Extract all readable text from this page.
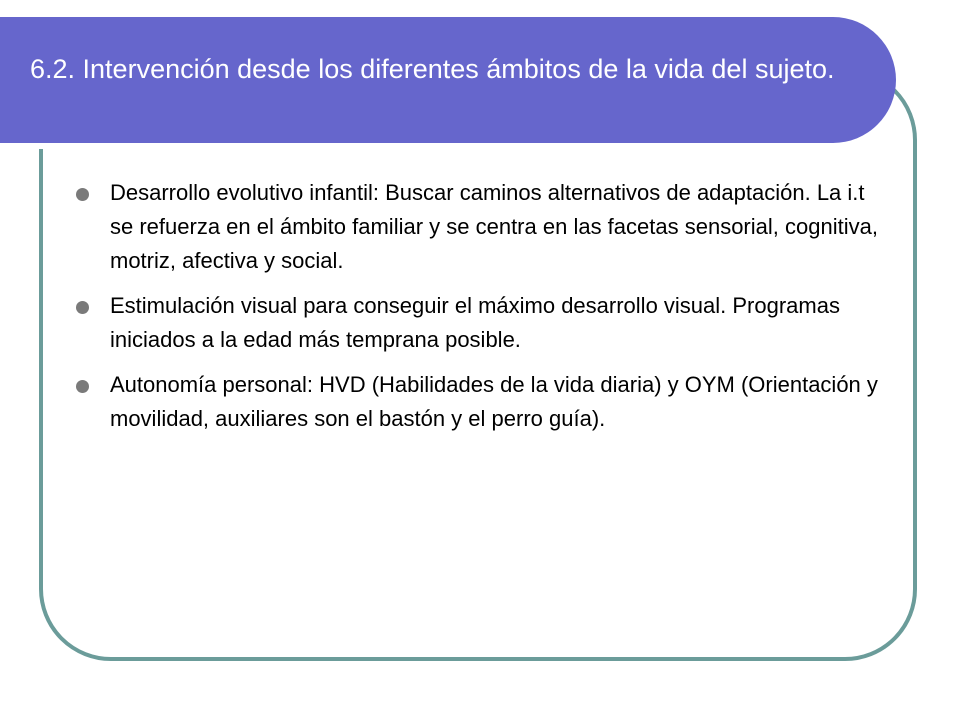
6.2. Intervención desde los diferentes ámbitos de la vida del sujeto.
Desarrollo evolutivo infantil: Buscar caminos alternativos de adaptación. La i.t se refuerza en el ámbito familiar y se centra en las facetas sensorial, cognitiva, motriz, afectiva y social.
Estimulación visual para conseguir el máximo desarrollo visual. Programas iniciados a la edad más temprana posible.
Autonomía personal: HVD (Habilidades de la vida diaria) y OYM (Orientación y movilidad, auxiliares son el bastón y el perro guía).
